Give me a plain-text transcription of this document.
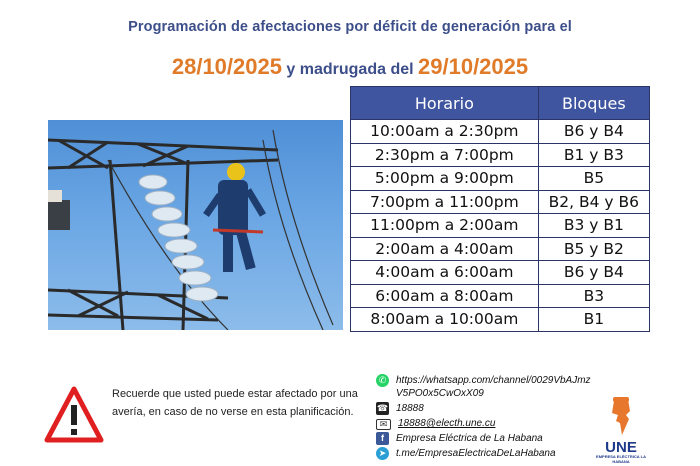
Programación de afectaciones por déficit de generación para el
28/10/2025 y madrugada del 29/10/2025
Horario	Bloques
10:00am a 2:30pm	B6 y B4
2:30pm a 7:00pm	B1 y B3
5:00pm a 9:00pm	B5
7:00pm a 11:00pm	B2, B4 y B6
11:00pm a 2:00am	B3 y B1
2:00am a 4:00am	B5 y B2
4:00am a 6:00am	B6 y B4
6:00am a 8:00am	B3
8:00am a 10:00am	B1
Recuerde que usted puede estar afectado por una avería, en caso de no verse en esta planificación.
✆ https://whatsapp.com/channel/0029VbAJmz V5PO0x5CwOxX09
☎ 18888
✉	18888@electh.une.cu
f	Empresa Eléctrica de La Habana
➤ t.me/EmpresaElectricaDeLaHabana	UNE
EMPRESA ELÉCTRICA LA HABANA
